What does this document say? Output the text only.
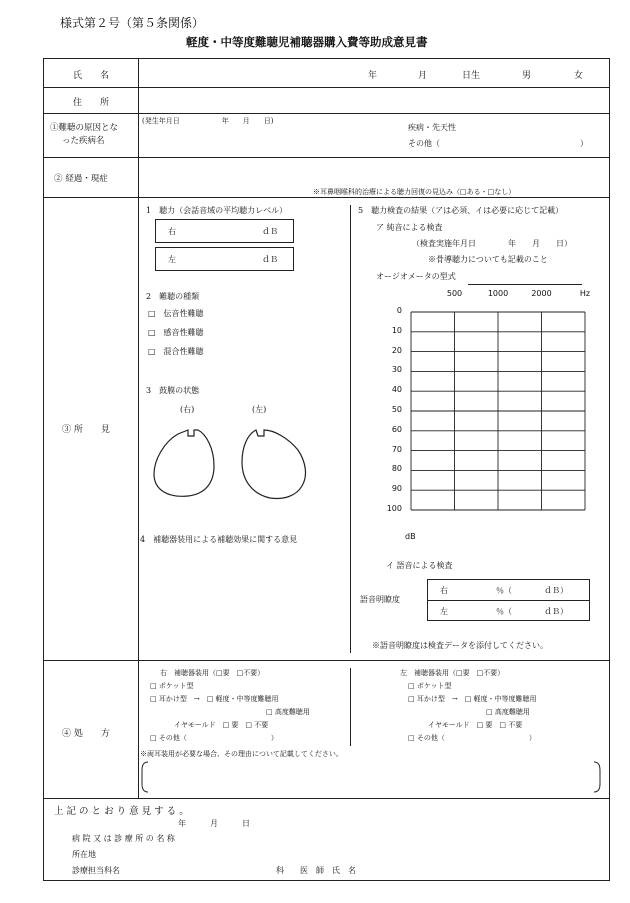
様式第２号（第５条関係）
軽度・中等度難聴児補聴器購入費等助成意見書
氏　　名	年	月	日生	男	女
住　　所
①難聴の原因とな
った疾病名
(発生年月日　　　　　　年　　月　　日)
疾病・先天性
その他（	）
② 経過・現症
※耳鼻咽喉科的治療による聴力回復の見込み（□ある・□なし）
③ 所　　見
1　聴力（会話音域の平均聴力レベル）
右	ｄＢ
左	ｄＢ
2　難聴の種類
□　伝音性難聴
□　感音性難聴
□　混合性難聴
3　鼓膜の状態
(右)	(左)
4　補聴器装用による補聴効果に関する意見
5　聴力検査の結果（アは必須、イは必要に応じて記載）
ア 純音による検査
（検査実施年月日　　　　年　　月　　日）
※骨導聴力についても記載のこと
オージオメータの型式
500	1000	2000	Hz
0
10
20
30
40
50
60
70
80
90
100
dB
イ 語音による検査
語音明瞭度
右	％（　　　　ｄＢ）
左	％（　　　　ｄＢ）
※語音明瞭度は検査データを添付してください。
④ 処　　方
右　補聴器装用（□要　□不要）
□ ポケット型
□ 耳かけ型　→　□ 軽度・中等度難聴用
□ 高度難聴用
イヤモールド　□ 要　□ 不要
□ その他（　　　　　　　　　　　　）
左　補聴器装用（□要　□不要）
□ ポケット型
□ 耳かけ型　→　□ 軽度・中等度難聴用
□ 高度難聴用
イヤモールド　□ 要　□ 不要
□ その他（　　　　　　　　　　　　）
※両耳装用が必要な場合、その理由について記載してください。
上 記 の と お り 意 見 す る 。
年　　　月　　　日
病 院 又 は 診 療 所 の 名 称
所在地
診療担当科名	科　　医　師　氏　名
